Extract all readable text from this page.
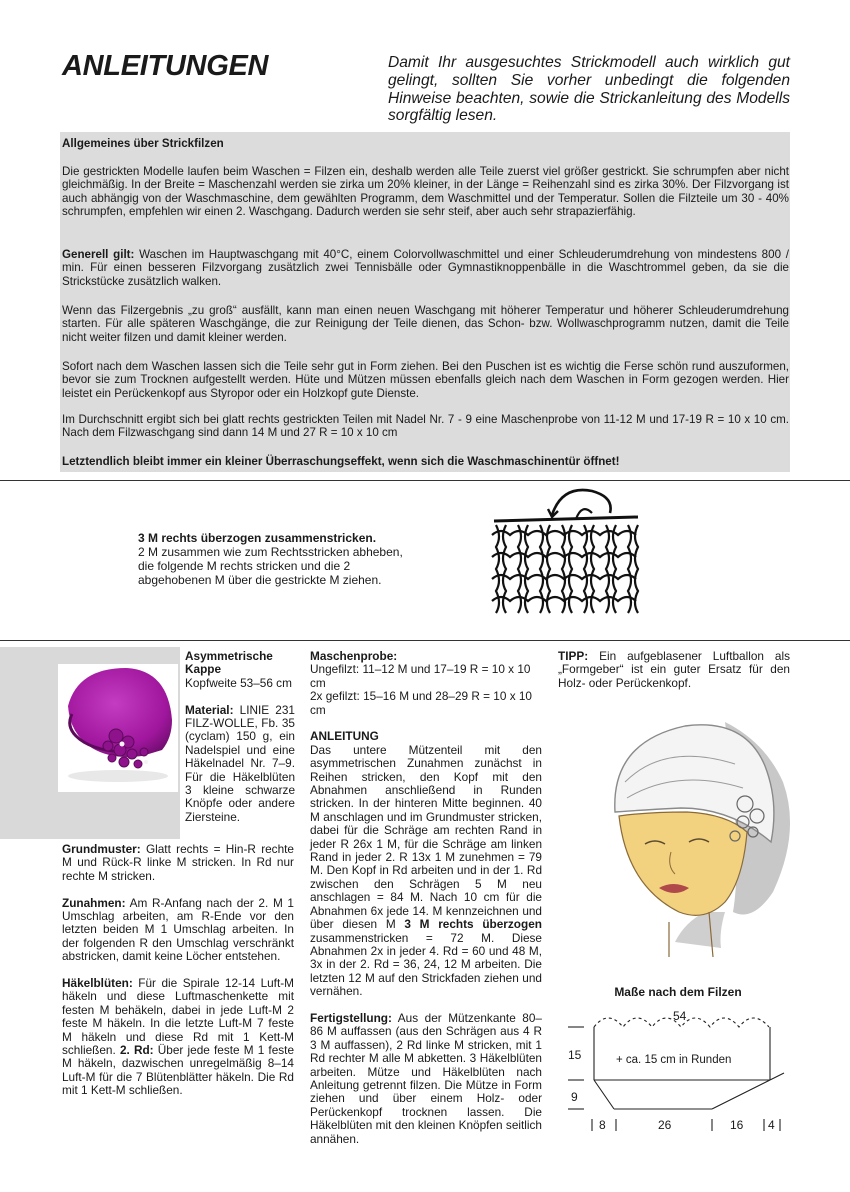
ANLEITUNGEN	Damit Ihr ausgesuchtes Strickmodell auch wirklich gut gelingt, sollten Sie vorher unbedingt die folgenden Hinweise beachten, sowie die Strickanleitung des Modells sorgfältig lesen.
Allgemeines über Strickfilzen
Die gestrickten Modelle laufen beim Waschen = Filzen ein, deshalb werden alle Teile zuerst viel größer gestrickt. Sie schrumpfen aber nicht gleichmäßig. In der Breite = Maschenzahl werden sie zirka um 20% kleiner, in der Länge = Reihenzahl sind es zirka 30%. Der Filzvorgang ist auch abhängig von der Waschmaschine, dem gewählten Programm, dem Waschmittel und der Temperatur. Sollen die Filzteile um 30 - 40% schrumpfen, empfehlen wir einen 2. Waschgang. Dadurch werden sie sehr steif, aber auch sehr strapazierfähig.
Generell gilt: Waschen im Hauptwaschgang mit 40°C, einem Colorvollwaschmittel und einer Schleuderumdrehung von mindestens 800 / min. Für einen besseren Filzvorgang zusätzlich zwei Tennisbälle oder Gymnastiknoppenbälle in die Waschtrommel geben, da sie die Strickstücke zusätzlich walken.
Wenn das Filzergebnis „zu groß“ ausfällt, kann man einen neuen Waschgang mit höherer Temperatur und höherer Schleuderumdrehung starten. Für alle späteren Waschgänge, die zur Reinigung der Teile dienen, das Schon- bzw. Wollwaschprogramm nutzen, damit die Teile nicht weiter filzen und damit kleiner werden.
Sofort nach dem Waschen lassen sich die Teile sehr gut in Form ziehen. Bei den Puschen ist es wichtig die Ferse schön rund auszuformen, bevor sie zum Trocknen aufgestellt werden. Hüte und Mützen müssen ebenfalls gleich nach dem Waschen in Form gezogen werden. Hier leistet ein Perückenkopf aus Styropor oder ein Holzkopf gute Dienste.
Im Durchschnitt ergibt sich bei glatt rechts gestrickten Teilen mit Nadel Nr. 7 - 9 eine Maschenprobe von 11-12 M und 17-19 R = 10 x 10 cm. Nach dem Filzwaschgang sind dann 14 M und 27 R = 10 x 10 cm
Letztendlich bleibt immer ein kleiner Überraschungseffekt, wenn sich die Waschmaschinentür öffnet!
3 M rechts überzogen zusammenstricken.
2 M zusammen wie zum Rechtsstricken abheben, die folgende M rechts stricken und die 2 abgehobenen M über die gestrickte M ziehen.
Asymmetrische Kappe
Kopfweite 53–56 cm
Material: LINIE 231 FILZ-WOLLE, Fb. 35 (cyclam) 150 g, ein Nadelspiel und eine Häkelnadel Nr. 7–9. Für die Häkelblüten 3 kleine schwarze Knöpfe oder andere Ziersteine.
Grundmuster: Glatt rechts = Hin-R rechte M und Rück-R linke M stricken. In Rd nur rechte M stricken.
Zunahmen: Am R-Anfang nach der 2. M 1 Umschlag arbeiten, am R-Ende vor den letzten beiden M 1 Umschlag arbeiten. In der folgenden R den Umschlag verschränkt abstricken, damit keine Löcher entstehen.
Häkelblüten: Für die Spirale 12-14 Luft-M häkeln und diese Luftmaschenkette mit festen M behäkeln, dabei in jede Luft-M 2 feste M häkeln. In die letzte Luft-M 7 feste M häkeln und diese Rd mit 1 Kett-M schließen. 2. Rd: Über jede feste M 1 feste M häkeln, dazwischen unregelmäßig 8–14 Luft-M für die 7 Blütenblätter häkeln. Die Rd mit 1 Kett-M schließen.
Maschenprobe:
Ungefilzt: 11–12 M und 17–19 R = 10 x 10 cm
2x gefilzt: 15–16 M und 28–29 R = 10 x 10 cm
ANLEITUNG
Das untere Mützenteil mit den asymmetrischen Zunahmen zunächst in Reihen stricken, den Kopf mit den Abnahmen anschließend in Runden stricken. In der hinteren Mitte beginnen. 40 M anschlagen und im Grundmuster stricken, dabei für die Schräge am rechten Rand in jeder R 26x 1 M, für die Schräge am linken Rand in jeder 2. R 13x 1 M zunehmen = 79 M. Den Kopf in Rd arbeiten und in der 1. Rd zwischen den Schrägen 5 M neu anschlagen = 84 M. Nach 10 cm für die Abnahmen 6x jede 14. M kennzeichnen und über diesen M 3 M rechts überzogen zusammenstricken = 72 M. Diese Abnahmen 2x in jeder 4. Rd = 60 und 48 M, 3x in der 2. Rd = 36, 24, 12 M arbeiten. Die letzten 12 M auf den Strickfaden ziehen und vernähen.
Fertigstellung: Aus der Mützenkante 80–86 M auffassen (aus den Schrägen aus 4 R 3 M auffassen), 2 Rd linke M stricken, mit 1 Rd rechter M alle M abketten. 3 Häkelblüten arbeiten. Mütze und Häkelblüten nach Anleitung getrennt filzen. Die Mütze in Form ziehen und über einem Holz- oder Perückenkopf trocknen lassen. Die Häkelblüten mit den kleinen Knöpfen seitlich annähen.
TIPP: Ein aufgeblasener Luftballon als „Formgeber“ ist ein guter Ersatz für den Holz- oder Perückenkopf.
Maße nach dem Filzen
54
15
9
+ ca. 15 cm in Runden
8	26	16 4
